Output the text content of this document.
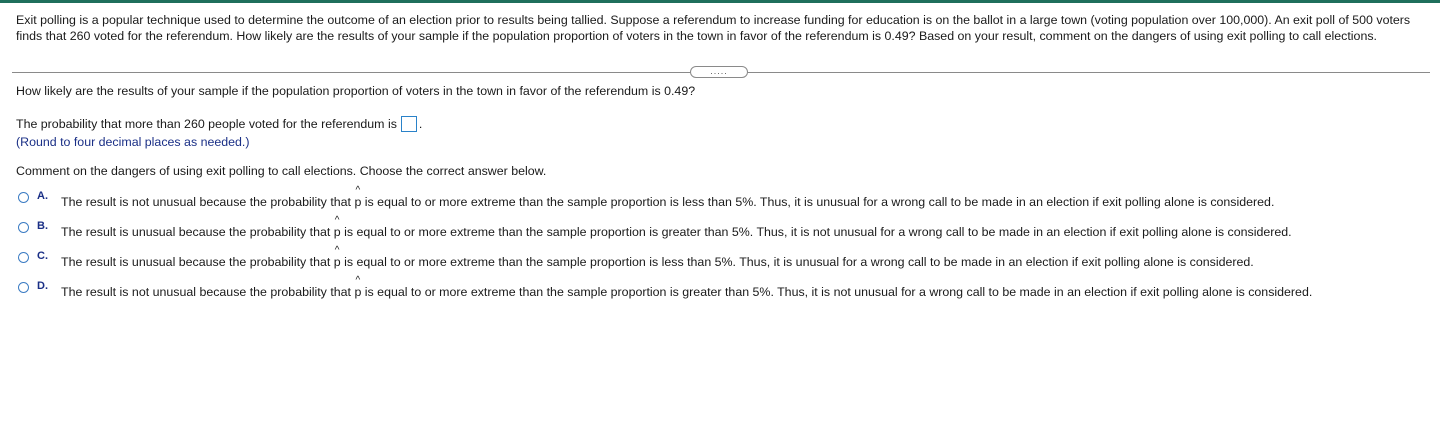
Exit polling is a popular technique used to determine the outcome of an election prior to results being tallied. Suppose a referendum to increase funding for education is on the ballot in a large town (voting population over 100,000). An exit poll of 500 voters finds that 260 voted for the referendum. How likely are the results of your sample if the population proportion of voters in the town in favor of the referendum is 0.49? Based on your result, comment on the dangers of using exit polling to call elections.
.....
How likely are the results of your sample if the population proportion of voters in the town in favor of the referendum is 0.49?
The probability that more than 260 people voted for the referendum is .
(Round to four decimal places as needed.)
Comment on the dangers of using exit polling to call elections. Choose the correct answer below.
A.	The result is not unusual because the probability that
^
p is equal to or more extreme than the sample proportion is less than 5%. Thus, it is unusual for a wrong call to be made in an election if exit polling alone is considered.
B.	The result is unusual because the probability that
^
p is equal to or more extreme than the sample proportion is greater than 5%. Thus, it is not unusual for a wrong call to be made in an election if exit polling alone is considered.
C.	The result is unusual because the probability that
^
p is equal to or more extreme than the sample proportion is less than 5%. Thus, it is unusual for a wrong call to be made in an election if exit polling alone is considered.
D.	The result is not unusual because the probability that
^
p is equal to or more extreme than the sample proportion is greater than 5%. Thus, it is not unusual for a wrong call to be made in an election if exit polling alone is considered.
